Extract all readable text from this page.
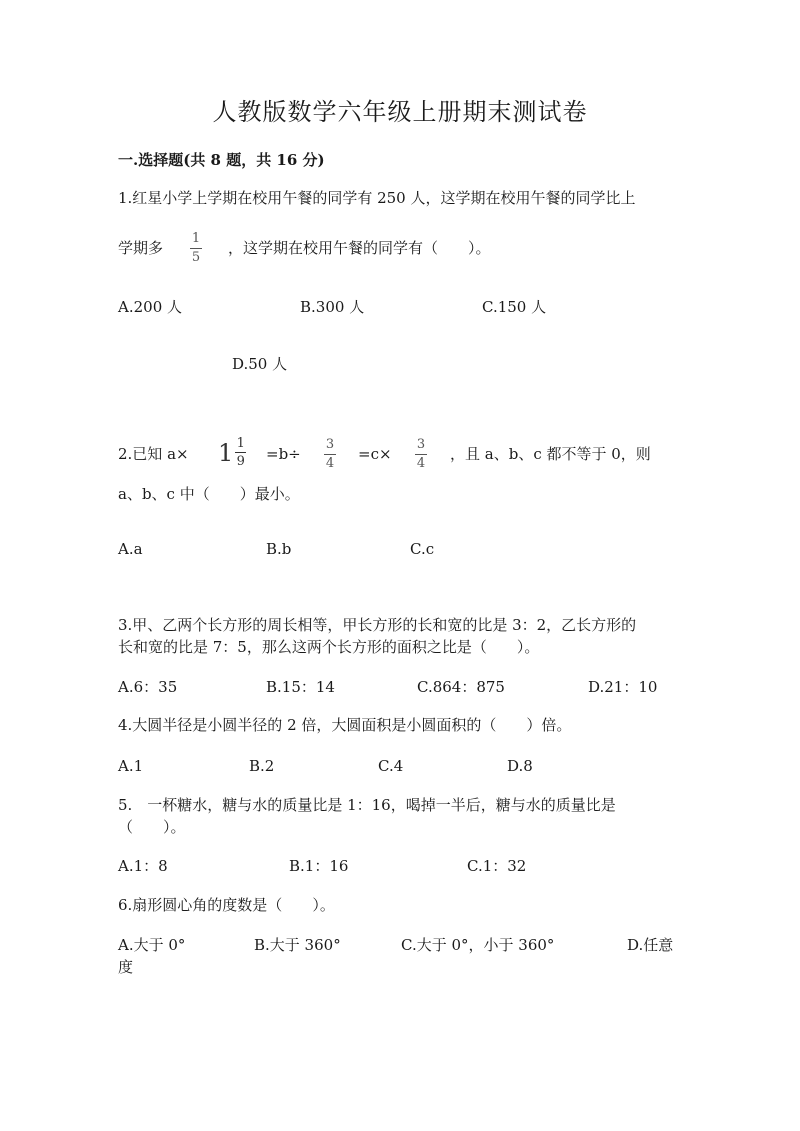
人教版数学六年级上册期末测试卷
一.选择题(共 8 题，共 16 分)
1.红星小学上学期在校用午餐的同学有 250 人，这学期在校用午餐的同学比上
学期多
1
5
，这学期在校用午餐的同学有（　　）。
A.200 人	B.300 人	C.150 人
D.50 人
2.已知 $a\times 1 \frac{1}{9} =b\div$
3
4
=c×
3
4
，且 a、b、c 都不等于 0，则
a、b、c 中（　　）最小。
A.a	B.b	C.c
3.甲、乙两个长方形的周长相等，甲长方形的长和宽的比是 3：2，乙长方形的
长和宽的比是 7：5，那么这两个长方形的面积之比是（　　）。
A.6：35	B.15：14	C.864：875	D.21：10
4.大圆半径是小圆半径的 2 倍，大圆面积是小圆面积的（　　）倍。
A.1	B.2	C.4	D.8
5.　一杯糖水，糖与水的质量比是 1：16，喝掉一半后，糖与水的质量比是
（　　）。
A.1：8	B.1：16	C.1：32
6.扇形圆心角的度数是（　　）。
A.大于 0°	B.大于 360°	C.大于 0°，小于 360°	D.任意
度
